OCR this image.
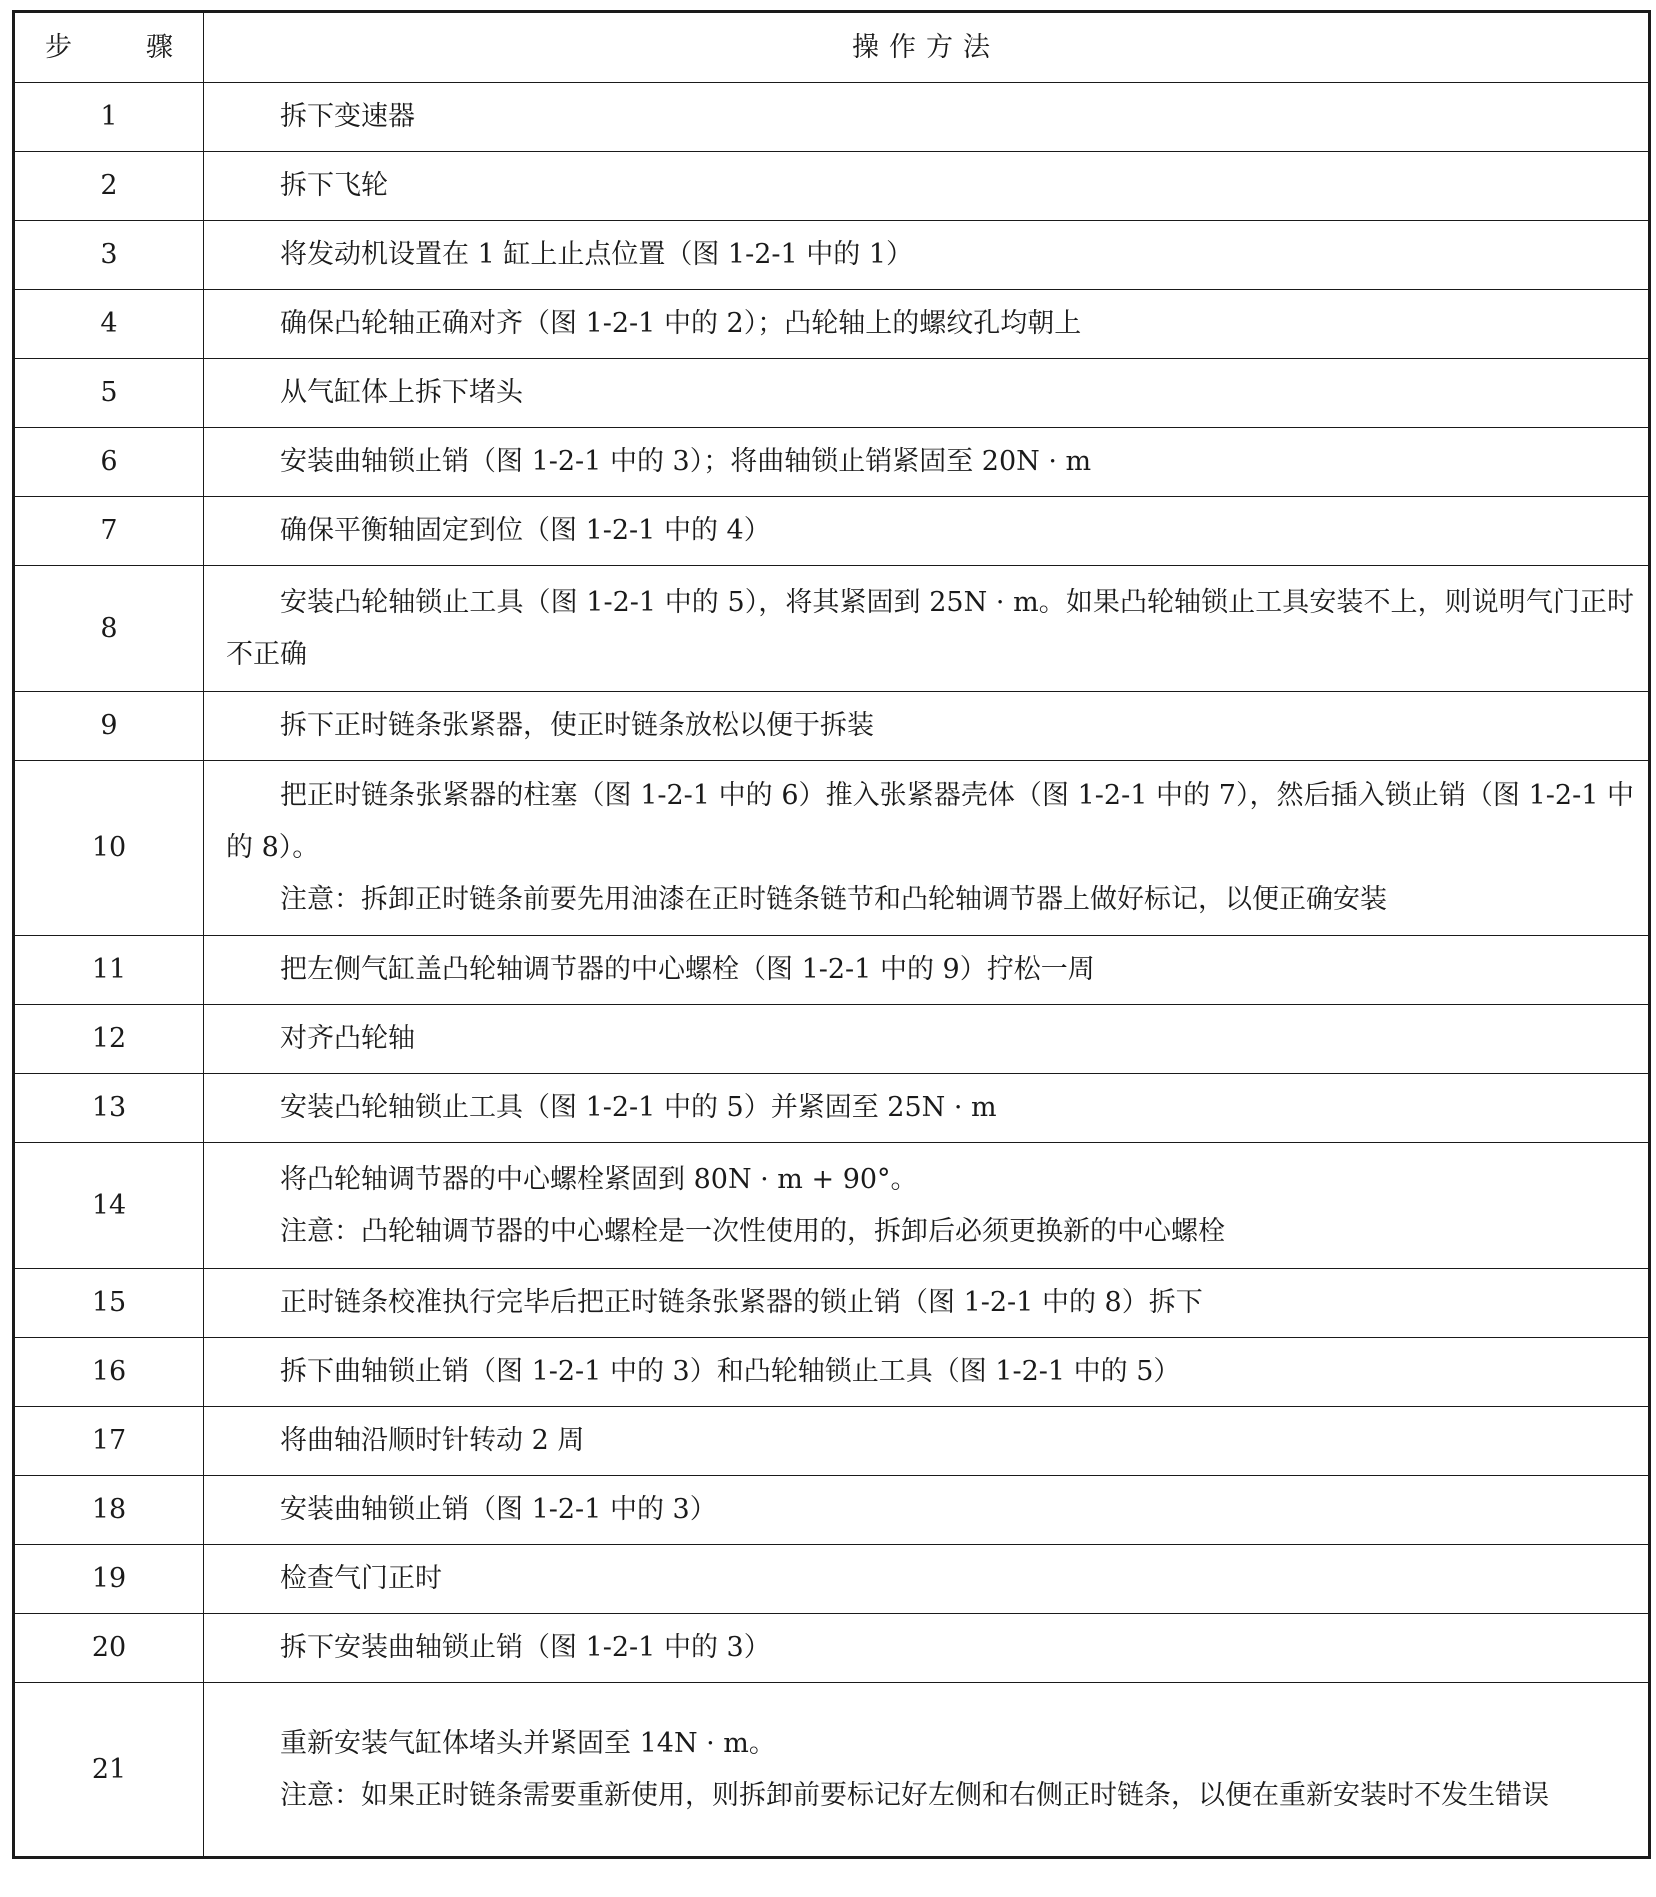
步 骤	操作方法
1	拆下变速器

2	拆下飞轮

3	将发动机设置在 1 缸上止点位置（图 1-2-1 中的 1）

4	确保凸轮轴正确对齐（图 1-2-1 中的 2）；凸轮轴上的螺纹孔均朝上

5	从气缸体上拆下堵头

6	安装曲轴锁止销（图 1-2-1 中的 3）；将曲轴锁止销紧固至 20N · m

7	确保平衡轴固定到位（图 1-2-1 中的 4）

8	安装凸轮轴锁止工具（图 1-2-1 中的 5），将其紧固到 25N · m。如果凸轮轴锁止工具安装不上，则说明气门正时不正确

9	拆下正时链条张紧器，使正时链条放松以便于拆装

10	把正时链条张紧器的柱塞（图 1-2-1 中的 6）推入张紧器壳体（图 1-2-1 中的 7），然后插入锁止销（图 1-2-1 中的 8）。

注意：拆卸正时链条前要先用油漆在正时链条链节和凸轮轴调节器上做好标记，以便正确安装

11	把左侧气缸盖凸轮轴调节器的中心螺栓（图 1-2-1 中的 9）拧松一周

12	对齐凸轮轴

13	安装凸轮轴锁止工具（图 1-2-1 中的 5）并紧固至 25N · m

14	将凸轮轴调节器的中心螺栓紧固到 80N · m + 90°。

注意：凸轮轴调节器的中心螺栓是一次性使用的，拆卸后必须更换新的中心螺栓

15	正时链条校准执行完毕后把正时链条张紧器的锁止销（图 1-2-1 中的 8）拆下

16	拆下曲轴锁止销（图 1-2-1 中的 3）和凸轮轴锁止工具（图 1-2-1 中的 5）

17	将曲轴沿顺时针转动 2 周

18	安装曲轴锁止销（图 1-2-1 中的 3）

19	检查气门正时

20	拆下安装曲轴锁止销（图 1-2-1 中的 3）

21	重新安装气缸体堵头并紧固至 14N · m。

注意：如果正时链条需要重新使用，则拆卸前要标记好左侧和右侧正时链条，以便在重新安装时不发生错误
